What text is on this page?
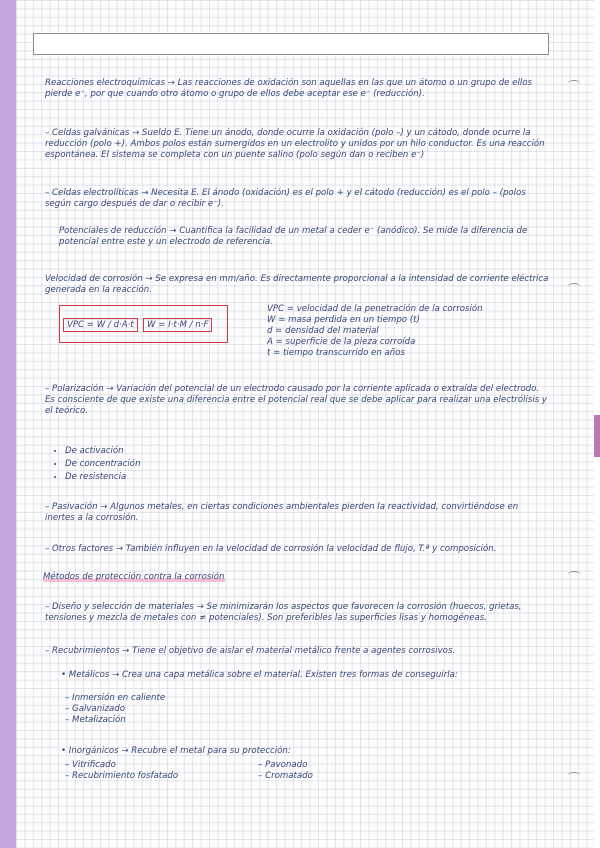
Reacciones electroquímicas → Las reacciones de oxidación son aquellas en las que un átomo o un grupo de ellos pierde e⁻, por que cuando otro átomo o grupo de ellos debe aceptar ese e⁻ (reducción).

– Celdas galvánicas → Sueldo E. Tiene un ánodo, donde ocurre la oxidación (polo –) y un cátodo, donde ocurre la reducción (polo +). Ambos polos están sumergidos en un electrolito y unidos por un hilo conductor. Es una reacción espontánea. El sistema se completa con un puente salino (polo según dan o reciben e⁻)

– Celdas electrolíticas → Necesita E. El ánodo (oxidación) es el polo + y el cátodo (reducción) es el polo – (polos según cargo después de dar o recibir e⁻).

Potenciales de reducción → Cuantifica la facilidad de un metal a ceder e⁻ (anódico). Se mide la diferencia de potencial entre este y un electrodo de referencia.

Velocidad de corrosión → Se expresa en mm/año. Es directamente proporcional a la intensidad de corriente eléctrica generada en la reacción.

VPC = W / d·A·t	W = I·t·M / n·F
VPC = velocidad de la penetración de la corrosión
W = masa perdida en un tiempo (t)
d = densidad del material
A = superficie de la pieza corroída
t = tiempo transcurrido en años

– Polarización → Variación del potencial de un electrodo causado por la corriente aplicada o extraída del electrodo. Es consciente de que existe una diferencia entre el potencial real que se debe aplicar para realizar una electrólisis y el teórico.

• De activación
• De concentración
• De resistencia

– Pasivación → Algunos metales, en ciertas condiciones ambientales pierden la reactividad, convirtiéndose en inertes a la corrosión.

– Otros factores → También influyen en la velocidad de corrosión la velocidad de flujo, T.ª y composición.

Métodos de protección contra la corrosión

– Diseño y selección de materiales → Se minimizarán los aspectos que favorecen la corrosión (huecos, grietas, tensiones y mezcla de metales con ≠ potenciales). Son preferibles las superficies lisas y homogéneas.

– Recubrimientos → Tiene el objetivo de aislar el material metálico frente a agentes corrosivos.

• Metálicos → Crea una capa metálica sobre el material. Existen tres formas de conseguirla:

– Inmersión en caliente
– Galvanizado
– Metalización

• Inorgánicos → Recubre el metal para su protección:

– Vitrificado
– Recubrimiento fosfatado
– Pavonado
– Cromatado
